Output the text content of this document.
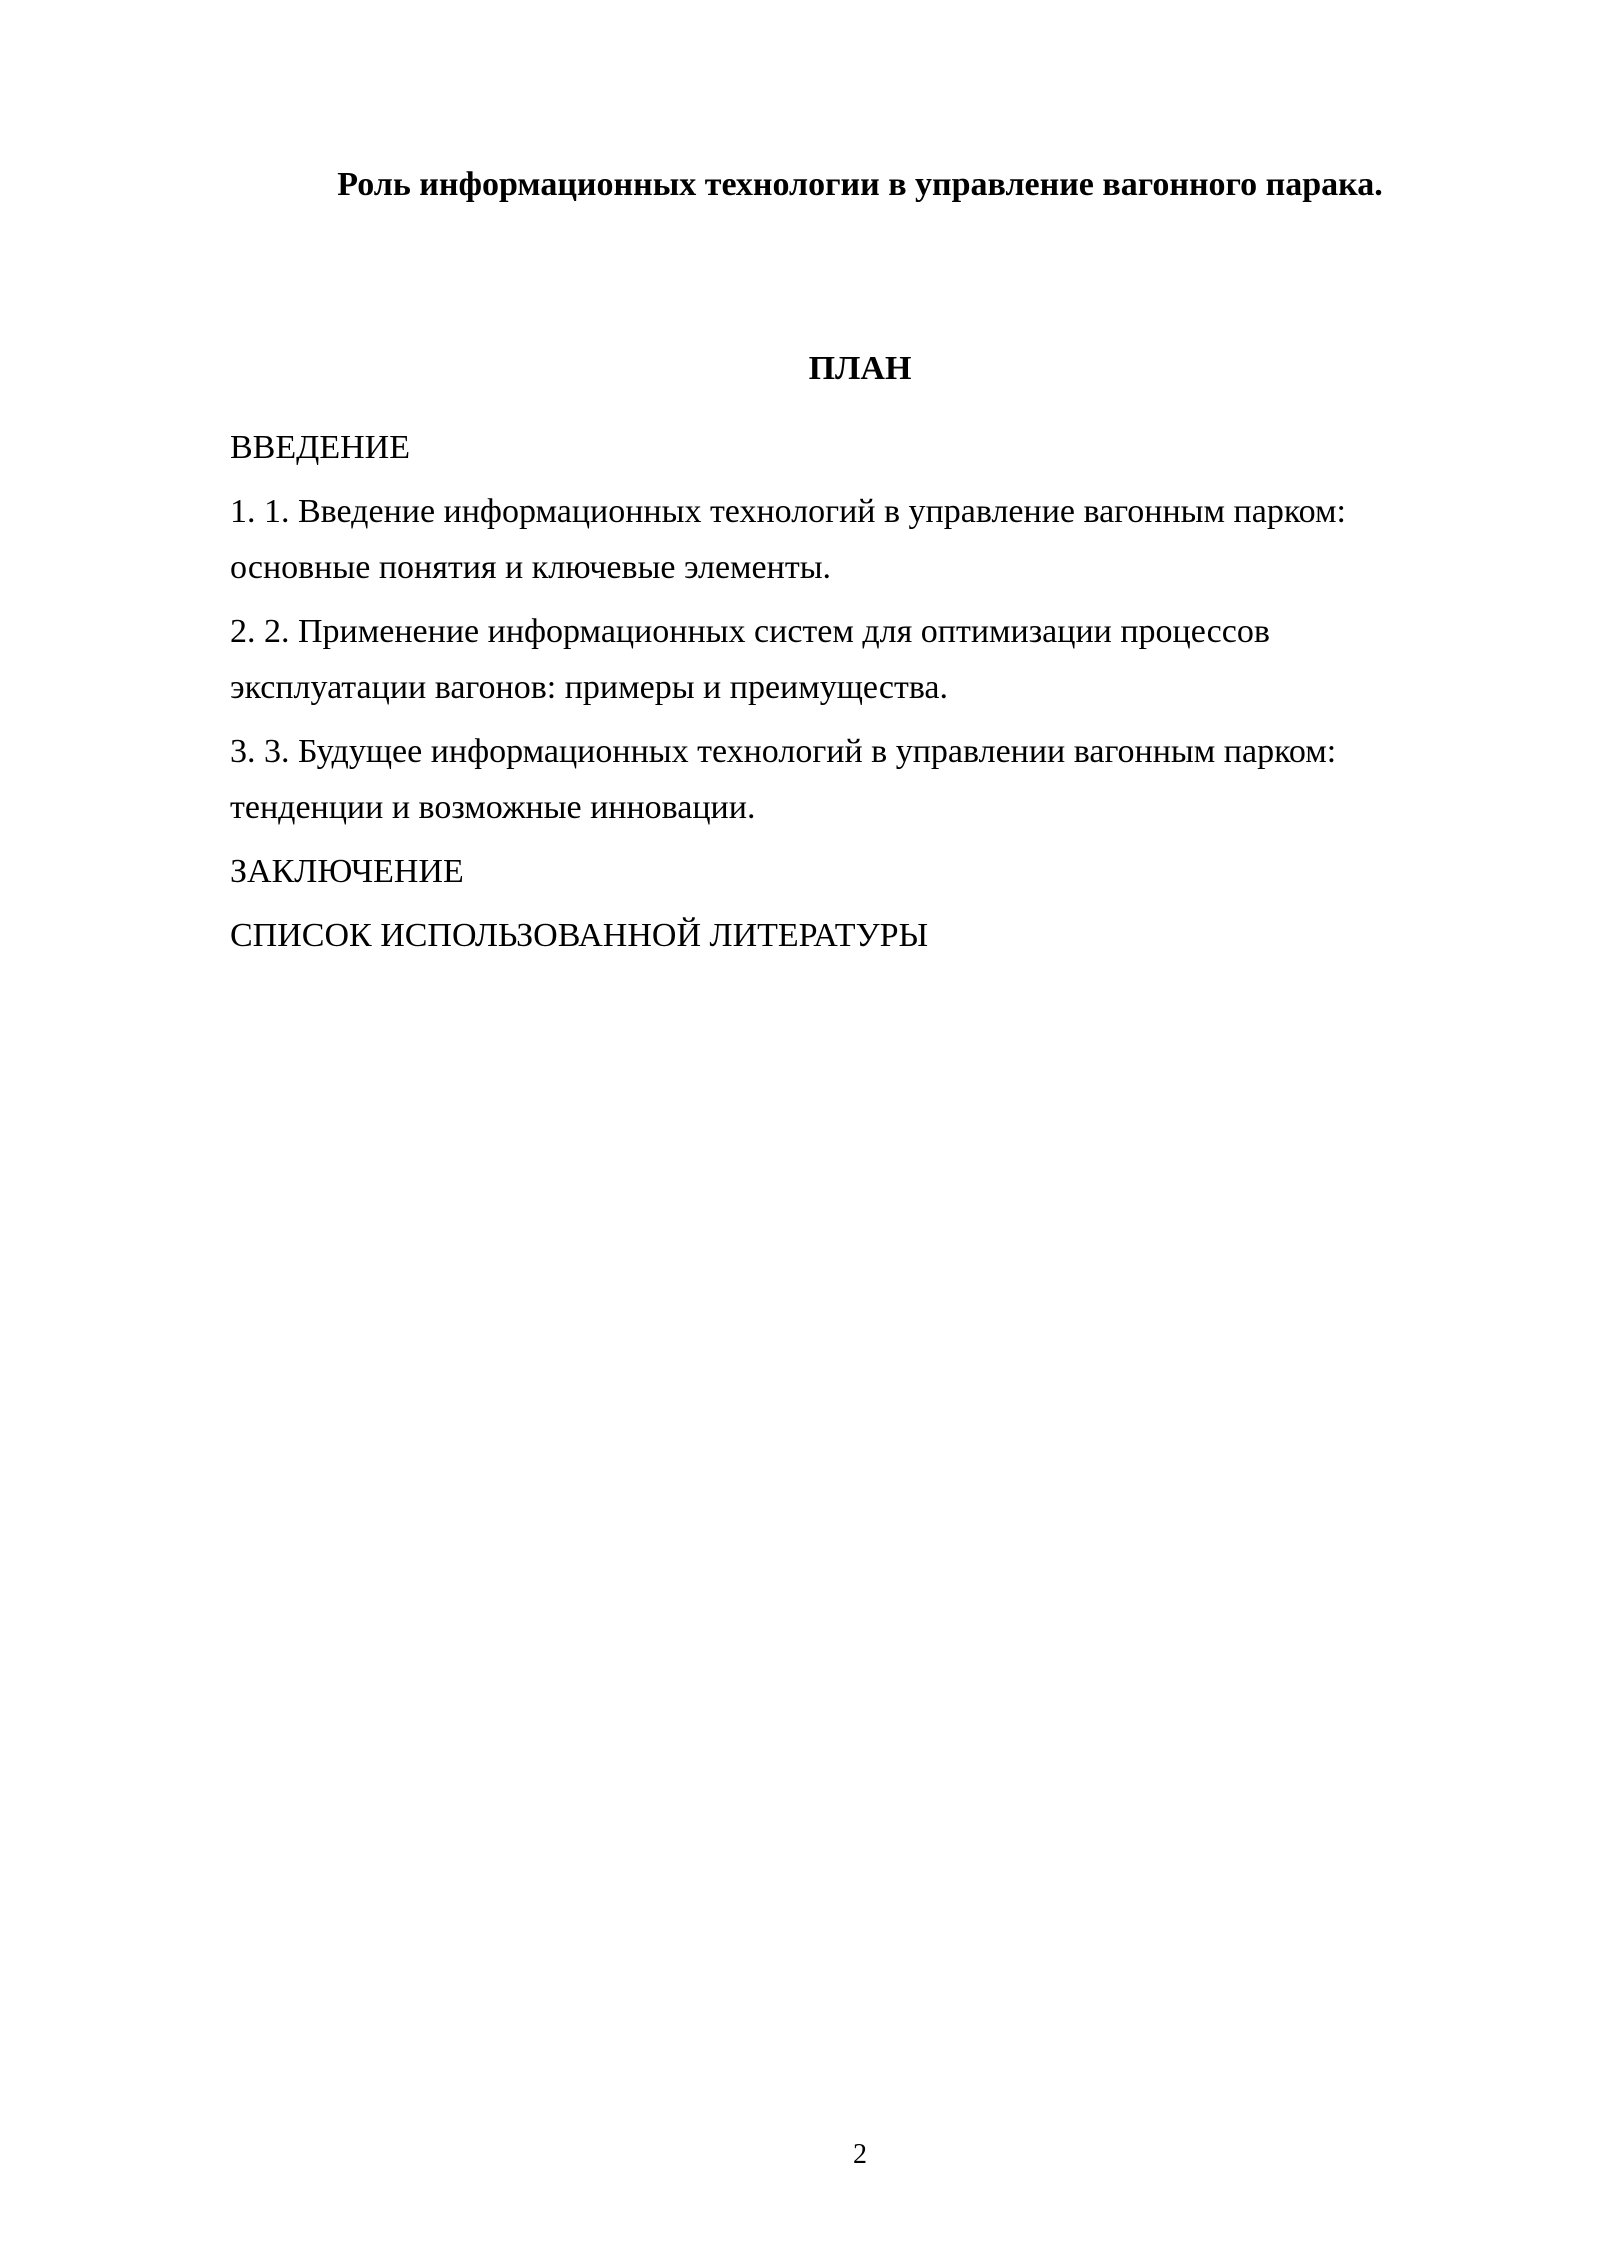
Роль информационных технологии в управление вагонного парака.
ПЛАН
ВВЕДЕНИЕ
1. 1. Введение информационных технологий в управление вагонным парком:
основные понятия и ключевые элементы.
2. 2. Применение информационных систем для оптимизации процессов
эксплуатации вагонов: примеры и преимущества.
3. 3. Будущее информационных технологий в управлении вагонным парком:
тенденции и возможные инновации.
ЗАКЛЮЧЕНИЕ
СПИСОК ИСПОЛЬЗОВАННОЙ ЛИТЕРАТУРЫ
2
